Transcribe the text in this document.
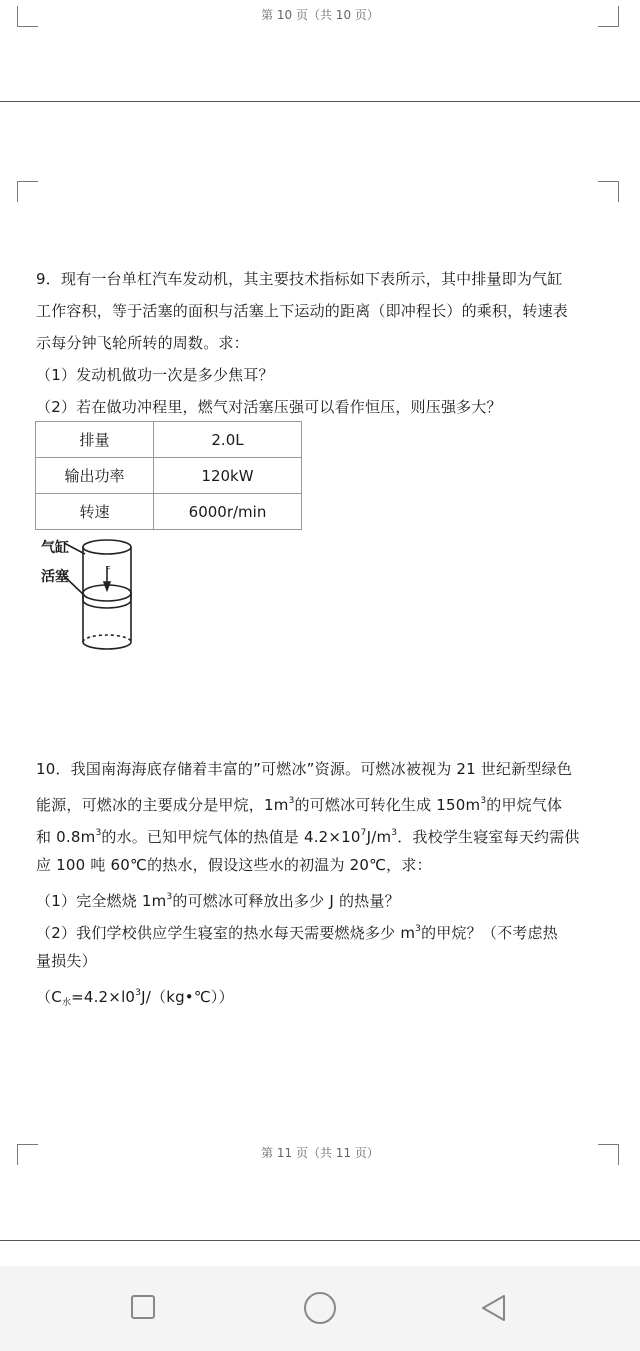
第 10 页（共 10 页）
9．现有一台单杠汽车发动机，其主要技术指标如下表所示，其中排量即为气缸
工作容积，等于活塞的面积与活塞上下运动的距离（即冲程长）的乘积，转速表
示每分钟飞轮所转的周数。求：
（1）发动机做功一次是多少焦耳？
（2）若在做功冲程里，燃气对活塞压强可以看作恒压，则压强多大？
排量	2.0L
输出功率	120kW
转速	6000r/min
F
气缸
活塞
10．我国南海海底存储着丰富的”可燃冰”资源。可燃冰被视为 21 世纪新型绿色
能源，可燃冰的主要成分是甲烷，$1m^3$的可燃冰可转化生成 $150m^3$的甲烷气体
和 $0.8m^3$的水。已知甲烷气体的热值是 $4.2\times 10^7J/m^3$．我校学生寝室每天约需供
应 100 吨 60℃的热水，假设这些水的初温为 20℃，求：
（1）完全燃烧 $1m^3$的可燃冰可释放出多少 J 的热量？
（2）我们学校供应学生寝室的热水每天需要燃烧多少 $m^3$的甲烷？（不考虑热
量损失）
$(C_水=4.2\times l0^3J/(kg•℃))$
第 11 页（共 11 页）
